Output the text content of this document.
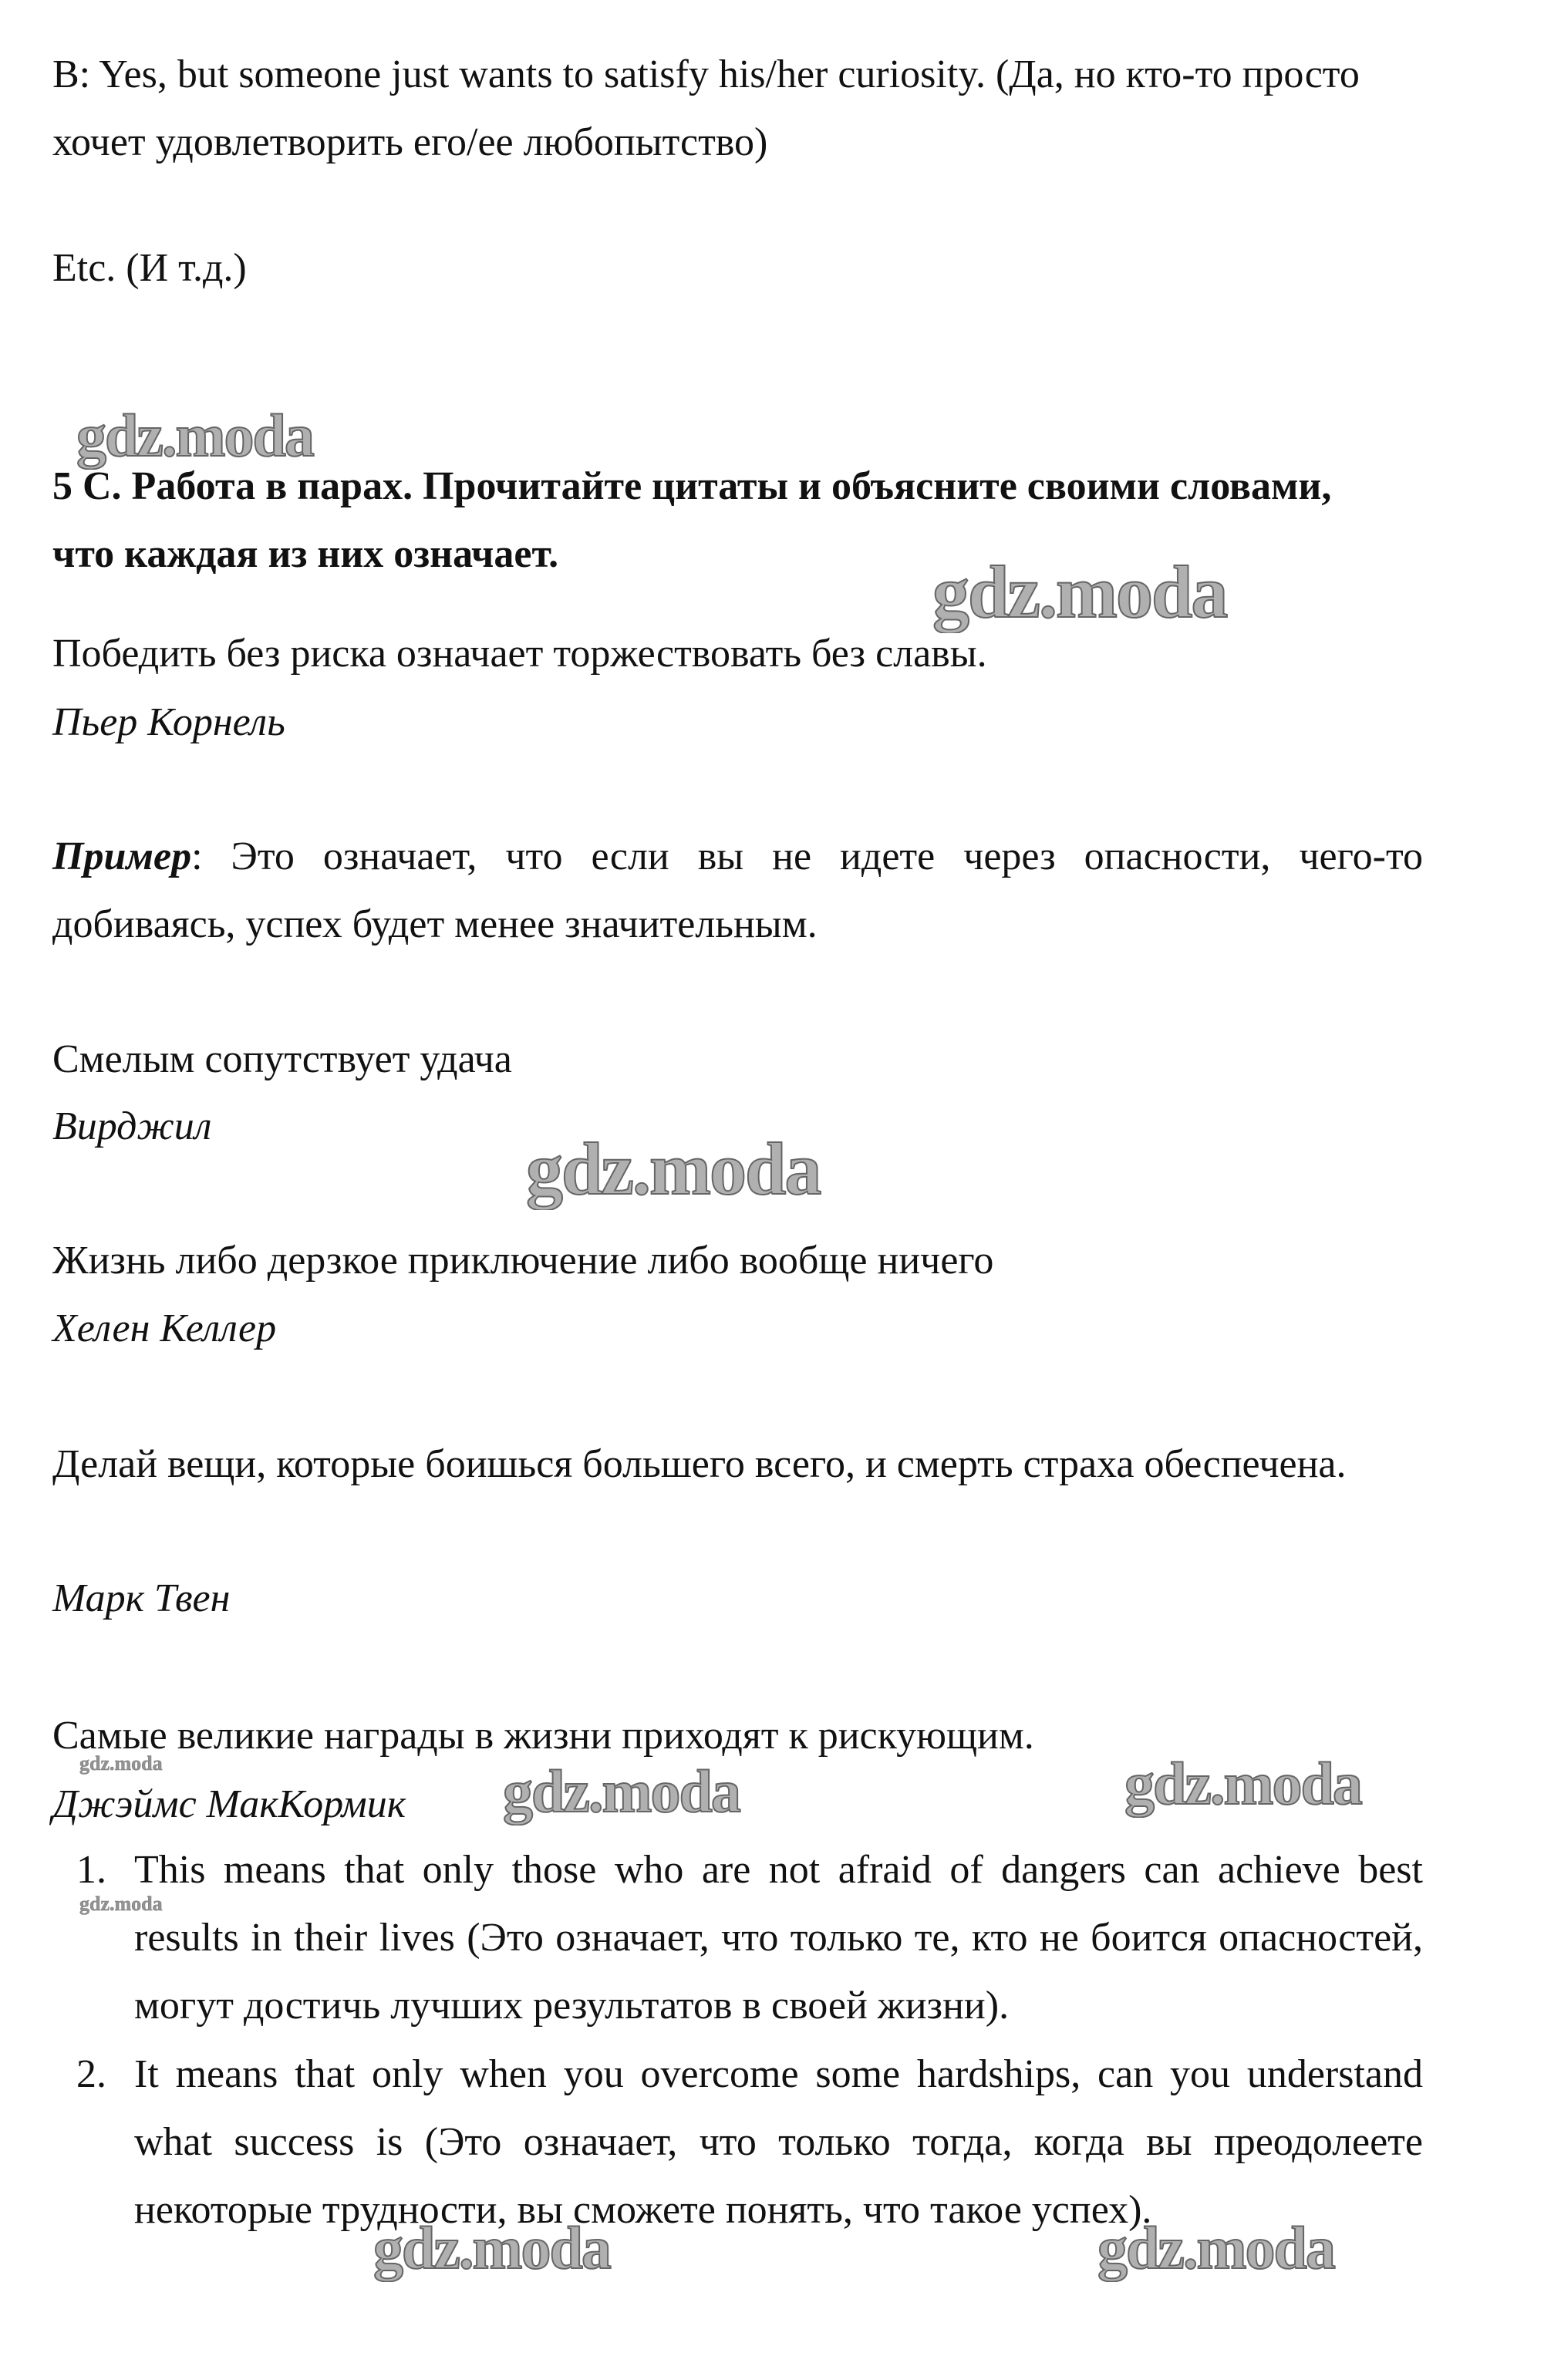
B: Yes, but someone just wants to satisfy his/her curiosity. (Да, но кто-то просто хочет удовлетворить его/ее любопытство)

Etc. (И т.д.)

5 C. Работа в парах. Прочитайте цитаты и объясните своими словами, что каждая из них означает.

Победить без риска означает торжествовать без славы.

Пьер Корнель

Пример: Это означает, что если вы не идете через опасности, чего-то добиваясь, успех будет менее значительным.

Смелым сопутствует удача

Вирджил

Жизнь либо дерзкое приключение либо вообще ничего

Хелен Келлер

Делай вещи, которые боишься большего всего, и смерть страха обеспечена.

Марк Твен

Самые великие награды в жизни приходят к рискующим.

Джэймс МакКормик

1. This means that only those who are not afraid of dangers can achieve best results in their lives (Это означает, что только те, кто не боится опасностей, могут достичь лучших результатов в своей жизни).
2. It means that only when you overcome some hardships, can you understand what success is (Это означает, что только тогда, когда вы преодолеете некоторые трудности, вы сможете понять, что такое успех).
gdz.moda
gdz.moda
gdz.moda
gdz.moda	gdz.moda	gdz.moda
gdz.moda
gdz.moda	gdz.moda
